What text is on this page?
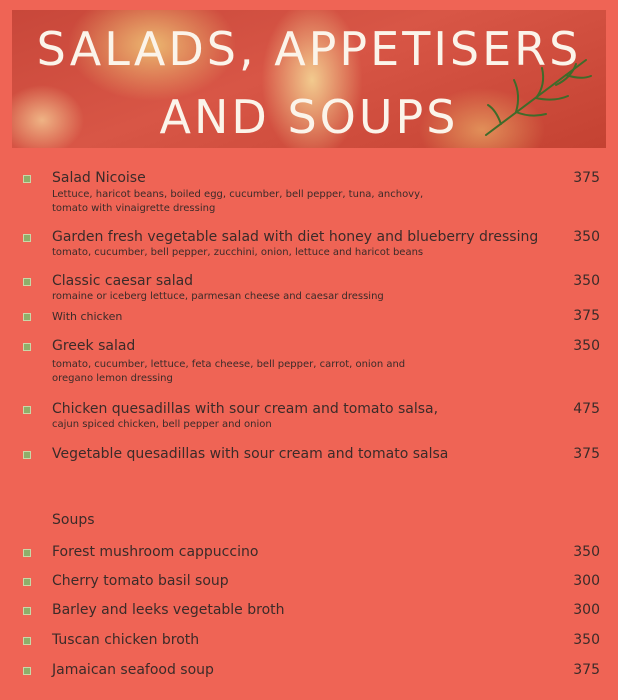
SALADS, APPETISERS
AND SOUPS
Salad Nicoise	375
Lettuce, haricot beans, boiled egg, cucumber, bell pepper, tuna, anchovy,
tomato with vinaigrette dressing
Garden fresh vegetable salad with diet honey and blueberry dressing	350
tomato, cucumber, bell pepper, zucchini, onion, lettuce and haricot beans
Classic caesar salad	350
romaine or iceberg lettuce, parmesan cheese and caesar dressing
With chicken	375
Greek salad	350
tomato, cucumber, lettuce, feta cheese, bell pepper, carrot, onion and
oregano lemon dressing
Chicken quesadillas with sour cream and tomato salsa,	475
cajun spiced chicken, bell pepper and onion
Vegetable quesadillas with sour cream and tomato salsa	375
Soups
Forest mushroom cappuccino	350
Cherry tomato basil soup	300
Barley and leeks vegetable broth	300
Tuscan chicken broth	350
Jamaican seafood soup	375
